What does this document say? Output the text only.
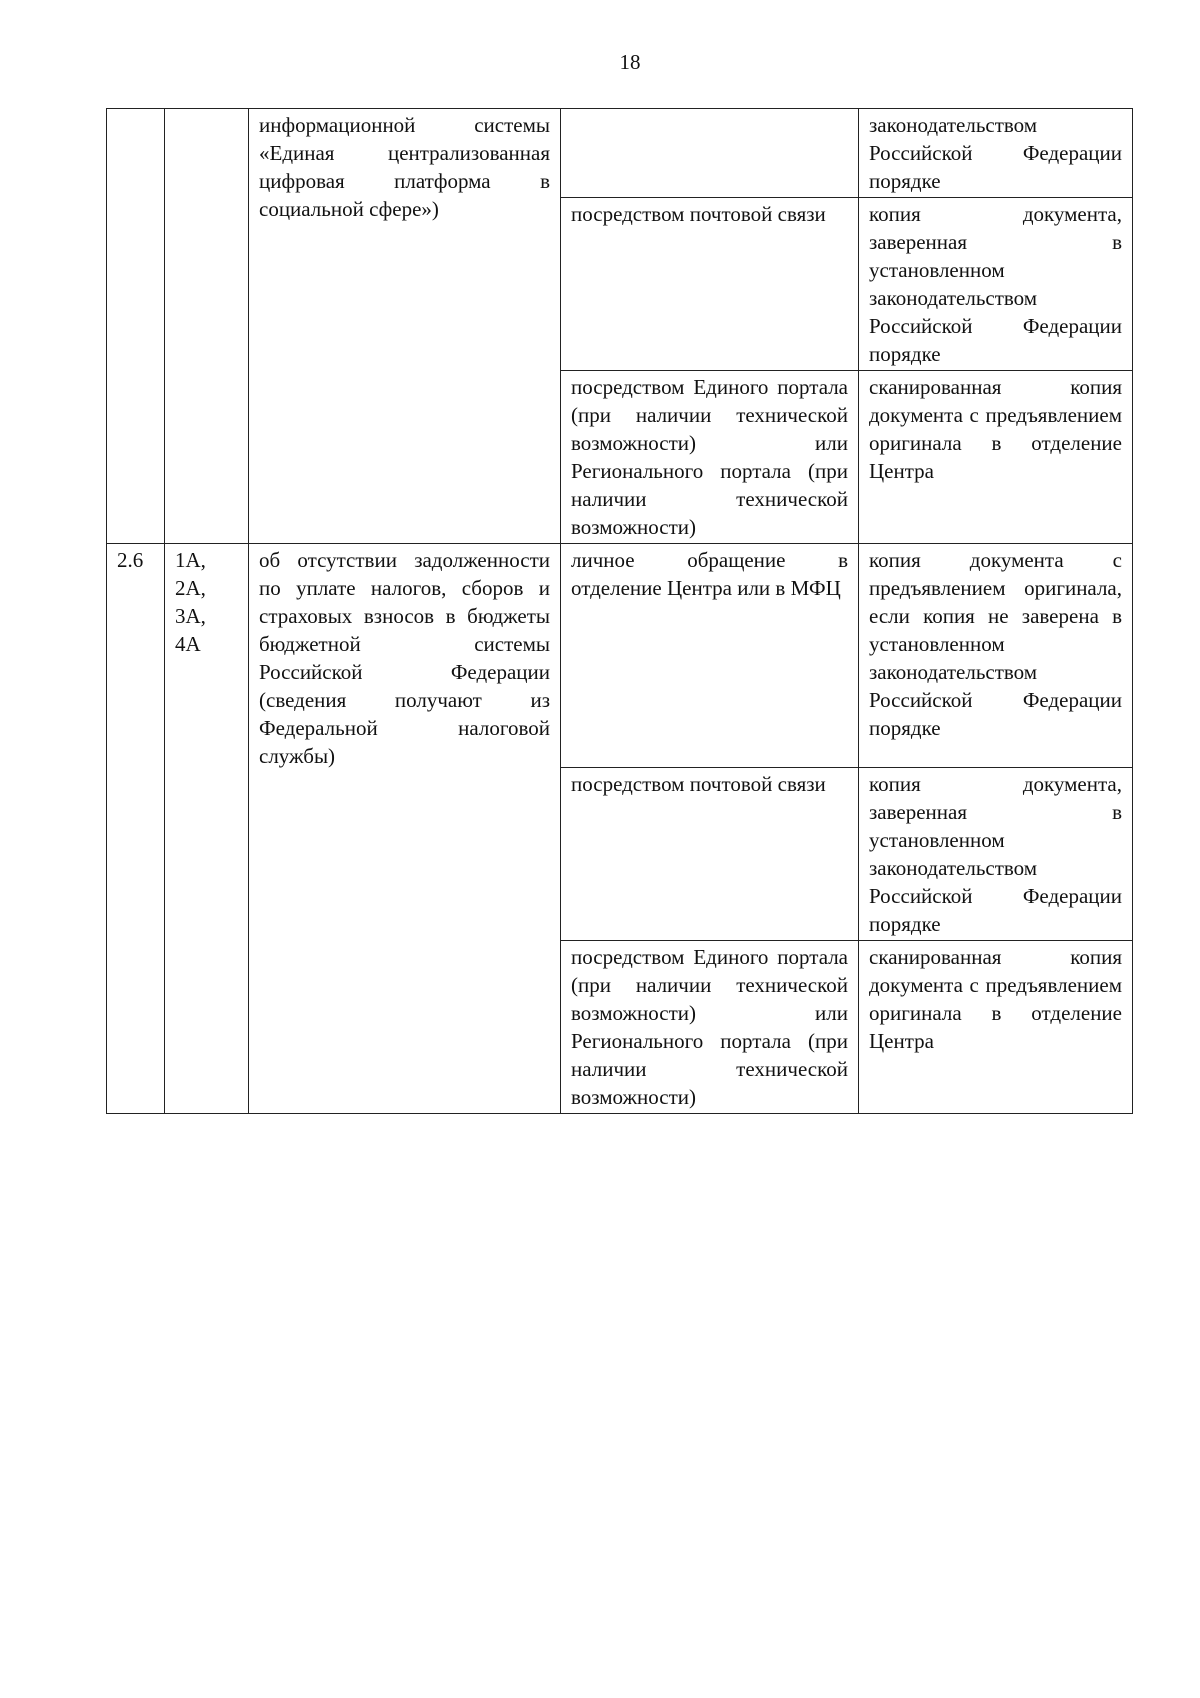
18
		информационной системы «Единая централизованная цифровая платформа в социальной сфере»)		законодательством Российской Федерации порядке
			посредством почтовой связи	копия документа, заверенная в установленном законодательством Российской Федерации порядке
			посредством Единого портала (при наличии технической возможности) или Регионального портала (при наличии технической возможности)	сканированная копия документа с предъявлением оригинала в отделение Центра
2.6	1А,
2А,
3А,
4А	об отсутствии задолженности по уплате налогов, сборов и страховых взносов в бюджеты бюджетной системы Российской Федерации (сведения получают из Федеральной налоговой службы)	личное обращение в отделение Центра или в МФЦ	копия документа с предъявлением оригинала, если копия не заверена в установленном законодательством Российской Федерации порядке
			посредством почтовой связи	копия документа, заверенная в установленном законодательством Российской Федерации порядке
			посредством Единого портала (при наличии технической возможности) или Регионального портала (при наличии технической возможности)	сканированная копия документа с предъявлением оригинала в отделение Центра
